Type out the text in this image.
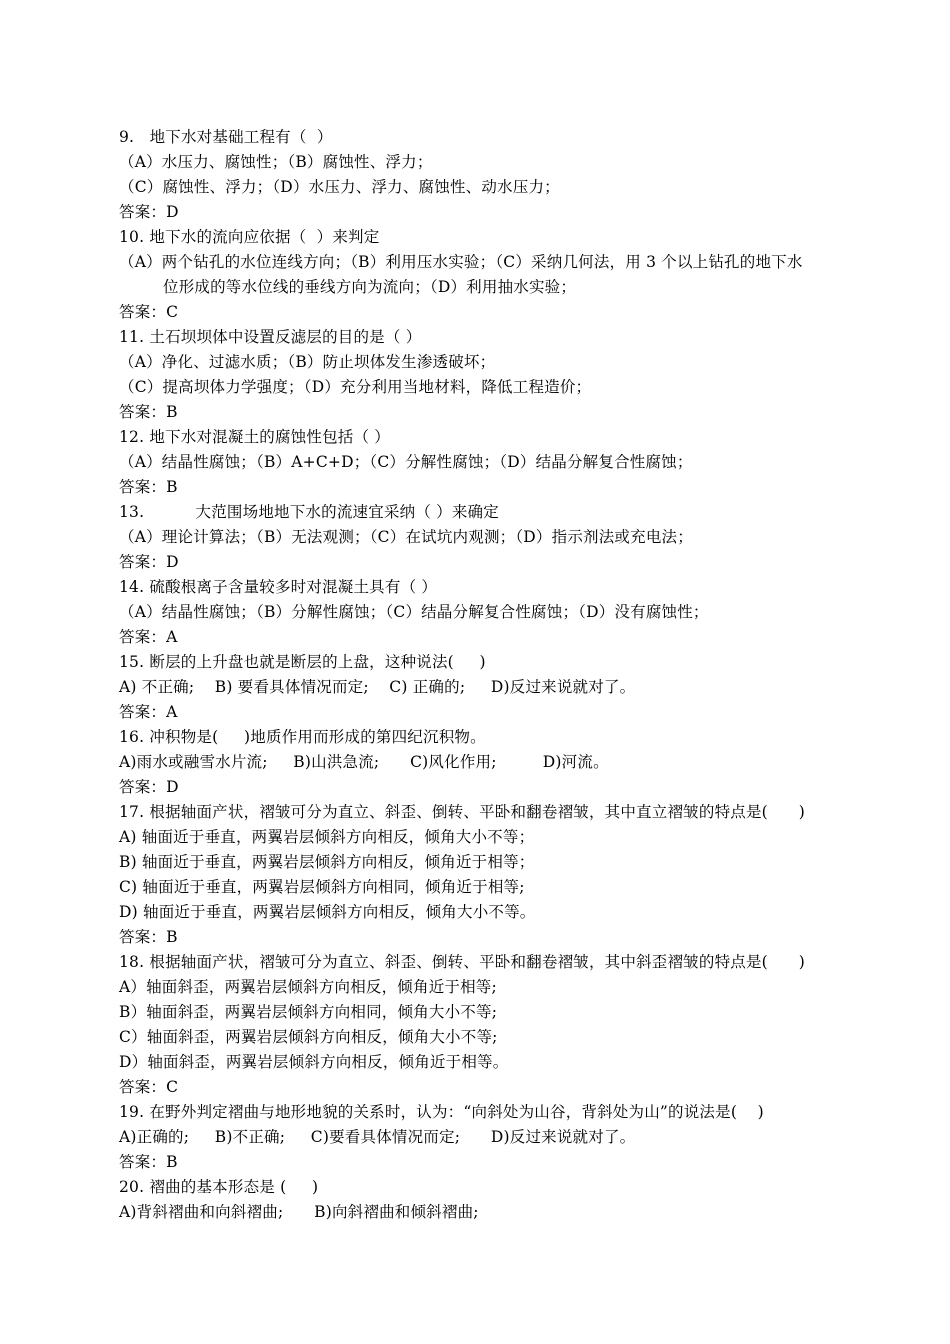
9.   地下水对基础工程有（  ）
（A）水压力、腐蚀性；（B）腐蚀性、浮力；
（C）腐蚀性、浮力；（D）水压力、浮力、腐蚀性、动水压力；
答案：D
10. 地下水的流向应依据（  ）来判定
（A）两个钻孔的水位连线方向；（B）利用压水实验；（C）采纳几何法，用 3 个以上钻孔的地下水
位形成的等水位线的垂线方向为流向；（D）利用抽水实验；
答案：C
11. 土石坝坝体中设置反滤层的目的是（ ）
（A）净化、过滤水质；（B）防止坝体发生渗透破坏；
（C）提高坝体力学强度；（D）充分利用当地材料，降低工程造价；
答案：B
12. 地下水对混凝土的腐蚀性包括（ ）
（A）结晶性腐蚀；（B）A+C+D；（C）分解性腐蚀；（D）结晶分解复合性腐蚀；
答案：B
13.          大范围场地地下水的流速宜采纳（ ）来确定
（A）理论计算法；（B）无法观测；（C）在试坑内观测；（D）指示剂法或充电法；
答案：D
14. 硫酸根离子含量较多时对混凝土具有（ ）
（A）结晶性腐蚀；（B）分解性腐蚀；（C）结晶分解复合性腐蚀；（D）没有腐蚀性；
答案：A
15. 断层的上升盘也就是断层的上盘，这种说法(     )
A) 不正确;    B) 要看具体情况而定;    C) 正确的;     D)反过来说就对了。
答案：A
16. 冲积物是(     )地质作用而形成的第四纪沉积物。
A)雨水或融雪水片流;     B)山洪急流;      C)风化作用;         D)河流。
答案：D
17. 根据轴面产状，褶皱可分为直立、斜歪、倒转、平卧和翻卷褶皱，其中直立褶皱的特点是(      )
A) 轴面近于垂直，两翼岩层倾斜方向相反，倾角大小不等；
B) 轴面近于垂直，两翼岩层倾斜方向相反，倾角近于相等；
C) 轴面近于垂直，两翼岩层倾斜方向相同，倾角近于相等;
D) 轴面近于垂直，两翼岩层倾斜方向相反，倾角大小不等。
答案：B
18. 根据轴面产状，褶皱可分为直立、斜歪、倒转、平卧和翻卷褶皱，其中斜歪褶皱的特点是(      )
A）轴面斜歪，两翼岩层倾斜方向相反，倾角近于相等;
B）轴面斜歪，两翼岩层倾斜方向相同，倾角大小不等;
C）轴面斜歪，两翼岩层倾斜方向相反，倾角大小不等;
D）轴面斜歪，两翼岩层倾斜方向相反，倾角近于相等。
答案：C
19. 在野外判定褶曲与地形地貌的关系时，认为：“向斜处为山谷，背斜处为山”的说法是(    )
A)正确的;     B)不正确;     C)要看具体情况而定;      D)反过来说就对了。
答案：B
20. 褶曲的基本形态是 (     )
A)背斜褶曲和向斜褶曲;      B)向斜褶曲和倾斜褶曲;
